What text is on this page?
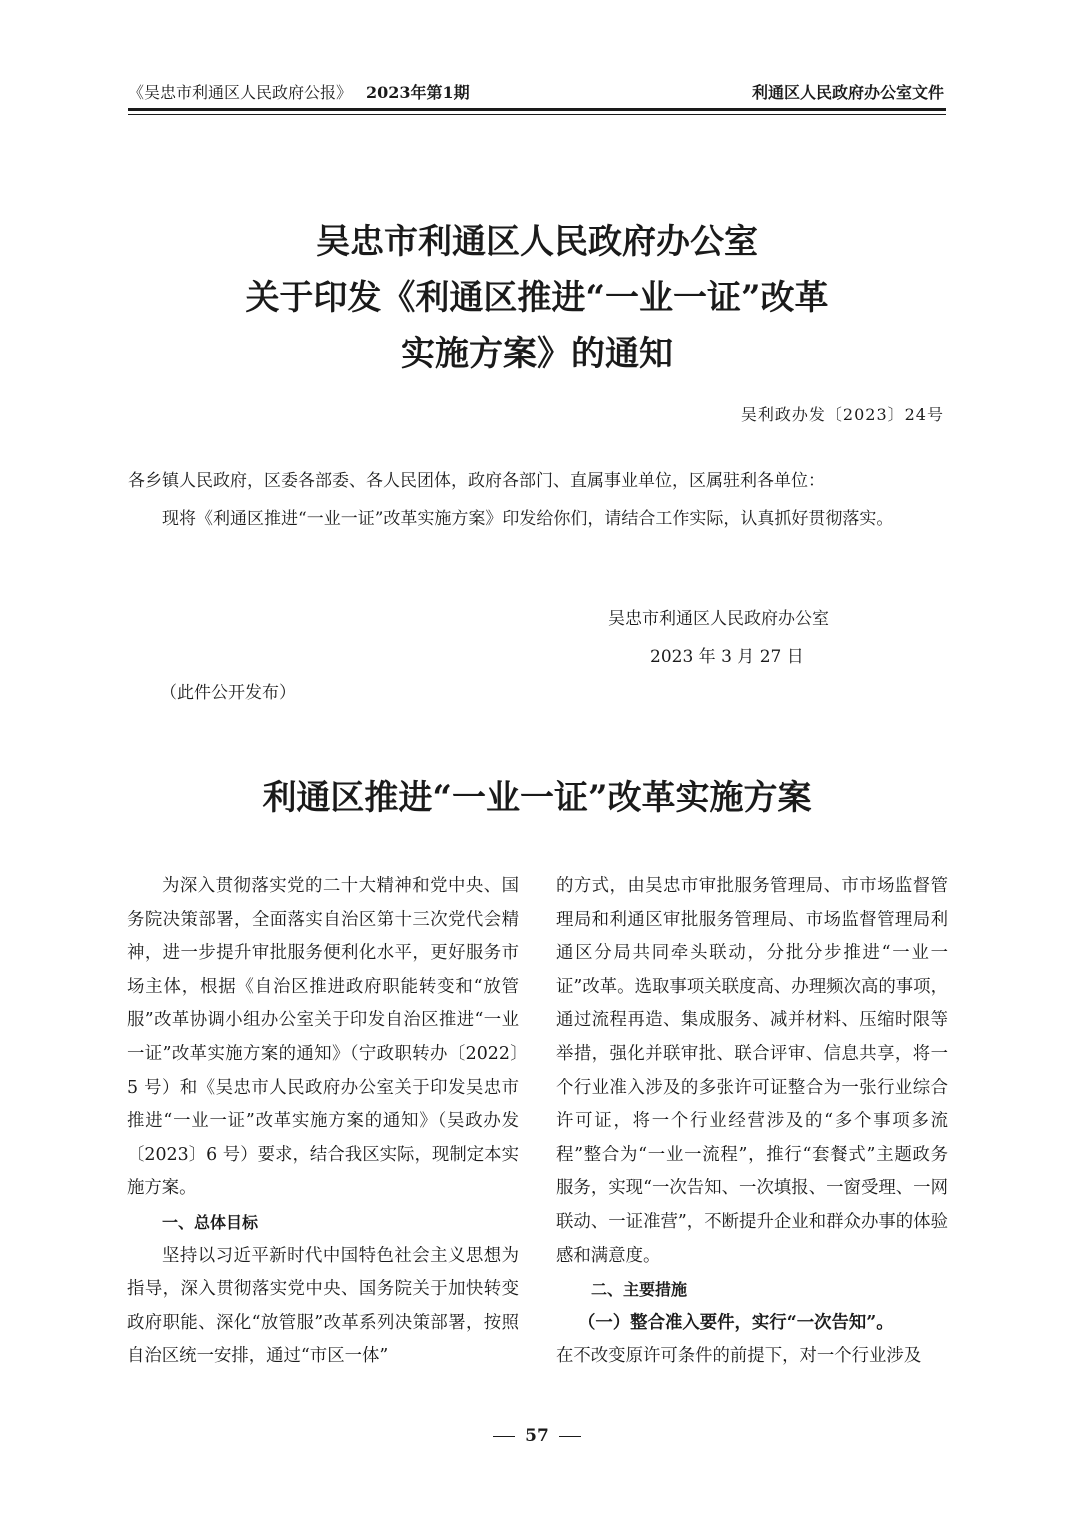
《吴忠市利通区人民政府公报》 2023年第1期	利通区人民政府办公室文件
吴忠市利通区人民政府办公室
关于印发《利通区推进“一业一证”改革
实施方案》的通知
吴利政办发〔2023〕24号
各乡镇人民政府，区委各部委、各人民团体，政府各部门、直属事业单位，区属驻利各单位：
现将《利通区推进“一业一证”改革实施方案》印发给你们，请结合工作实际，认真抓好贯彻落实。
吴忠市利通区人民政府办公室
2023 年 3 月 27 日
（此件公开发布）
利通区推进“一业一证”改革实施方案

为深入贯彻落实党的二十大精神和党中央、国务院决策部署，全面落实自治区第十三次党代会精神，进一步提升审批服务便利化水平，更好服务市场主体，根据《自治区推进政府职能转变和“放管服”改革协调小组办公室关于印发自治区推进“一业一证”改革实施方案的通知》（宁政职转办〔2022〕5 号）和《吴忠市人民政府办公室关于印发吴忠市推进“一业一证”改革实施方案的通知》（吴政办发〔2023〕6 号）要求，结合我区实际，现制定本实施方案。

一、总体目标

坚持以习近平新时代中国特色社会主义思想为指导，深入贯彻落实党中央、国务院关于加快转变政府职能、深化“放管服”改革系列决策部署，按照自治区统一安排，通过“市区一体”

的方式，由吴忠市审批服务管理局、市市场监督管理局和利通区审批服务管理局、市场监督管理局利通区分局共同牵头联动，分批分步推进“一业一证”改革。选取事项关联度高、办理频次高的事项，通过流程再造、集成服务、减并材料、压缩时限等举措，强化并联审批、联合评审、信息共享，将一个行业准入涉及的多张许可证整合为一张行业综合许可证，将一个行业经营涉及的“多个事项多流程”整合为“一业一流程”，推行“套餐式”主题政务服务，实现“一次告知、一次填报、一窗受理、一网联动、一证准营”，不断提升企业和群众办事的体验感和满意度。

二、主要措施

（一）整合准入要件，实行“一次告知”。

在不改变原许可条件的前提下，对一个行业涉及

57
